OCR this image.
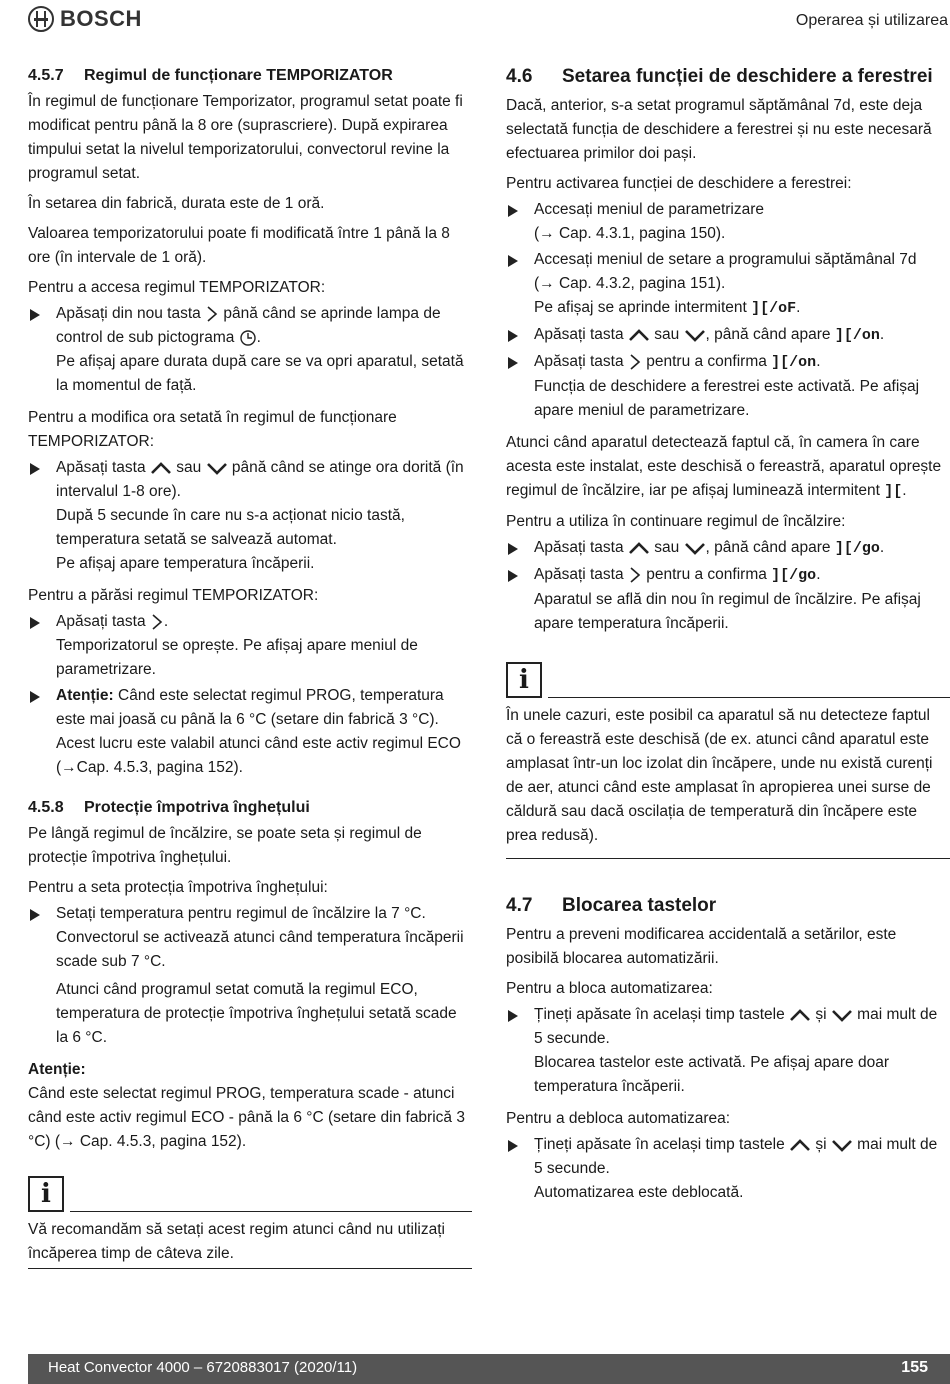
BOSCH	Operarea și utilizarea
4.5.7 Regimul de funcționare TEMPORIZATOR

În regimul de funcționare Temporizator, programul setat poate fi modificat pentru până la 8 ore (suprascriere). După expirarea timpului setat la nivelul temporizatorului, convectorul revine la programul setat.

În setarea din fabrică, durata este de 1 oră.

Valoarea temporizatorului poate fi modificată între 1 până la 8 ore (în intervale de 1 oră).

Pentru a accesa regimul TEMPORIZATOR:

Apăsați din nou tasta până când se aprinde lampa de control de sub pictograma .
Pe afișaj apare durata după care se va opri aparatul, setată la momentul de față.

Pentru a modifica ora setată în regimul de funcționare TEMPORIZATOR:

Apăsați tasta sau până când se atinge ora dorită (în intervalul 1-8 ore).
După 5 secunde în care nu s-a acționat nicio tastă, temperatura setată se salvează automat.
Pe afișaj apare temperatura încăperii.

Pentru a părăsi regimul TEMPORIZATOR:

Apăsați tasta .
Temporizatorul se oprește. Pe afișaj apare meniul de parametrizare.
Atenție: Când este selectat regimul PROG, temperatura este mai joasă cu până la 6 °C (setare din fabrică 3 °C). Acest lucru este valabil atunci când este activ regimul ECO (→Cap. 4.5.3, pagina 152).
4.5.8 Protecție împotriva înghețului

Pe lângă regimul de încălzire, se poate seta și regimul de protecție împotriva înghețului.

Pentru a seta protecția împotriva înghețului:

Setați temperatura pentru regimul de încălzire la 7 °C.
Convectorul se activează atunci când temperatura încăperii scade sub 7 °C.
Atunci când programul setat comută la regimul ECO, temperatura de protecție împotriva înghețului setată scade la 6 °C.
Atenție:

Când este selectat regimul PROG, temperatura scade - atunci când este activ regimul ECO - până la 6 °C (setare din fabrică 3 °C) (→ Cap. 4.5.3, pagina 152).

i
Vă recomandăm să setați acest regim atunci când nu utilizați încăperea timp de câteva zile.
4.6 Setarea funcției de deschidere a ferestrei

Dacă, anterior, s-a setat programul săptămânal 7d, este deja selectată funcția de deschidere a ferestrei și nu este necesară efectuarea primilor doi pași.

Pentru activarea funcției de deschidere a ferestrei:

Accesați meniul de parametrizare
(→ Cap. 4.3.1, pagina 150).
Accesați meniul de setare a programului săptămânal 7d
(→ Cap. 4.3.2, pagina 151).
Pe afișaj se aprinde intermitent ][/oF.
Apăsați tasta sau , până când apare ][/on.
Apăsați tasta pentru a confirma ][/on.
Funcția de deschidere a ferestrei este activată. Pe afișaj apare meniul de parametrizare.

Atunci când aparatul detectează faptul că, în camera în care acesta este instalat, este deschisă o fereastră, aparatul oprește regimul de încălzire, iar pe afișaj luminează intermitent ][.

Pentru a utiliza în continuare regimul de încălzire:

Apăsați tasta sau , până când apare ][/go.
Apăsați tasta pentru a confirma ][/go.
Aparatul se află din nou în regimul de încălzire. Pe afișaj apare temperatura încăperii.
i
În unele cazuri, este posibil ca aparatul să nu detecteze faptul că o fereastră este deschisă (de ex. atunci când aparatul este amplasat într-un loc izolat din încăpere, unde nu există curenți de aer, atunci când este amplasat în apropierea unei surse de căldură sau dacă oscilația de temperatură din încăpere este prea redusă).
4.7 Blocarea tastelor

Pentru a preveni modificarea accidentală a setărilor, este posibilă blocarea automatizării.

Pentru a bloca automatizarea:

Țineți apăsate în același timp tastele și mai mult de 5 secunde.
Blocarea tastelor este activată. Pe afișaj apare doar temperatura încăperii.

Pentru a debloca automatizarea:

Țineți apăsate în același timp tastele și mai mult de 5 secunde.
Automatizarea este deblocată.
Heat Convector 4000 – 6720883017 (2020/11)	155
